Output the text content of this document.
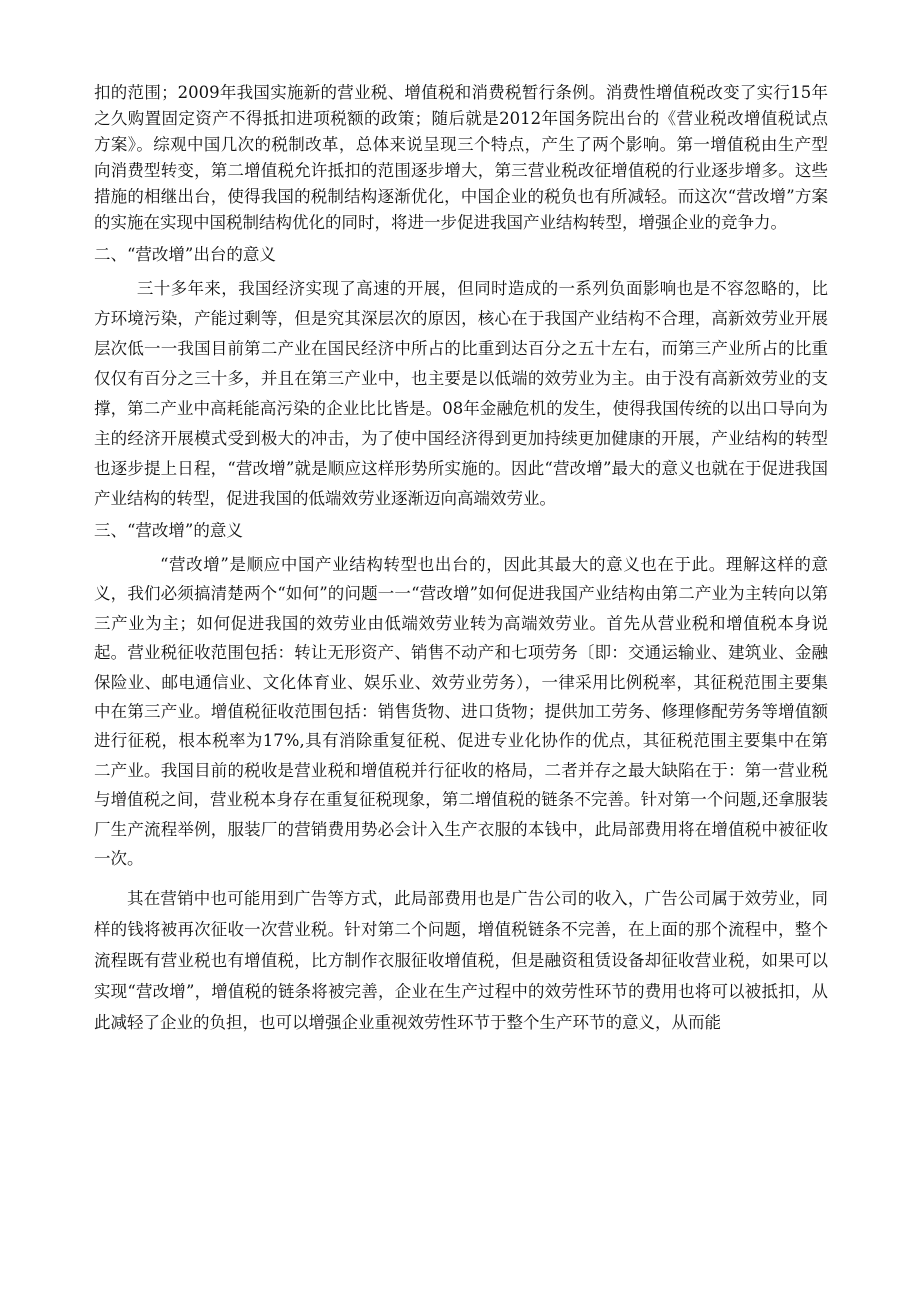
扣的范围；2009年我国实施新的营业税、增值税和消费税暂行条例。消费性增值税改变了实行15年之久购置固定资产不得抵扣进项税额的政策；随后就是2012年国务院出台的《营业税改增值税试点方案》。综观中国几次的税制改革，总体来说呈现三个特点，产生了两个影响。第一增值税由生产型向消费型转变，第二增值税允许抵扣的范围逐步增大，第三营业税改征增值税的行业逐步增多。这些措施的相继出台，使得我国的税制结构逐渐优化，中国企业的税负也有所减轻。而这次“营改增”方案的实施在实现中国税制结构优化的同时，将进一步促进我国产业结构转型，增强企业的竞争力。

二、“营改增”出台的意义

三十多年来，我国经济实现了高速的开展，但同时造成的一系列负面影响也是不容忽略的，比方环境污染，产能过剩等，但是究其深层次的原因，核心在于我国产业结构不合理，高新效劳业开展层次低一一我国目前第二产业在国民经济中所占的比重到达百分之五十左右，而第三产业所占的比重仅仅有百分之三十多，并且在第三产业中，也主要是以低端的效劳业为主。由于没有高新效劳业的支撑，第二产业中高耗能高污染的企业比比皆是。08年金融危机的发生，使得我国传统的以出口导向为主的经济开展模式受到极大的冲击，为了使中国经济得到更加持续更加健康的开展，产业结构的转型也逐步提上日程，“营改增”就是顺应这样形势所实施的。因此“营改增”最大的意义也就在于促进我国产业结构的转型，促进我国的低端效劳业逐渐迈向高端效劳业。

三、“营改增”的意义

“营改增”是顺应中国产业结构转型也出台的，因此其最大的意义也在于此。理解这样的意义，我们必须搞清楚两个“如何”的问题一一“营改增”如何促进我国产业结构由第二产业为主转向以第三产业为主；如何促进我国的效劳业由低端效劳业转为高端效劳业。首先从营业税和增值税本身说起。营业税征收范围包括：转让无形资产、销售不动产和七项劳务〔即：交通运输业、建筑业、金融保险业、邮电通信业、文化体育业、娱乐业、效劳业劳务），一律采用比例税率，其征税范围主要集中在第三产业。增值税征收范围包括：销售货物、进口货物；提供加工劳务、修理修配劳务等增值额进行征税，根本税率为17%,具有消除重复征税、促进专业化协作的优点，其征税范围主要集中在第二产业。我国目前的税收是营业税和增值税并行征收的格局，二者并存之最大缺陷在于：第一营业税与增值税之间，营业税本身存在重复征税现象，第二增值税的链条不完善。针对第一个问题,还拿服装厂生产流程举例，服装厂的营销费用势必会计入生产衣服的本钱中，此局部费用将在增值税中被征收一次。

其在营销中也可能用到广告等方式，此局部费用也是广告公司的收入，广告公司属于效劳业，同样的钱将被再次征收一次营业税。针对第二个问题，增值税链条不完善，在上面的那个流程中，整个流程既有营业税也有增值税，比方制作衣服征收增值税，但是融资租赁设备却征收营业税，如果可以实现“营改增”，增值税的链条将被完善，企业在生产过程中的效劳性环节的费用也将可以被抵扣，从此减轻了企业的负担，也可以增强企业重视效劳性环节于整个生产环节的意义，从而能
